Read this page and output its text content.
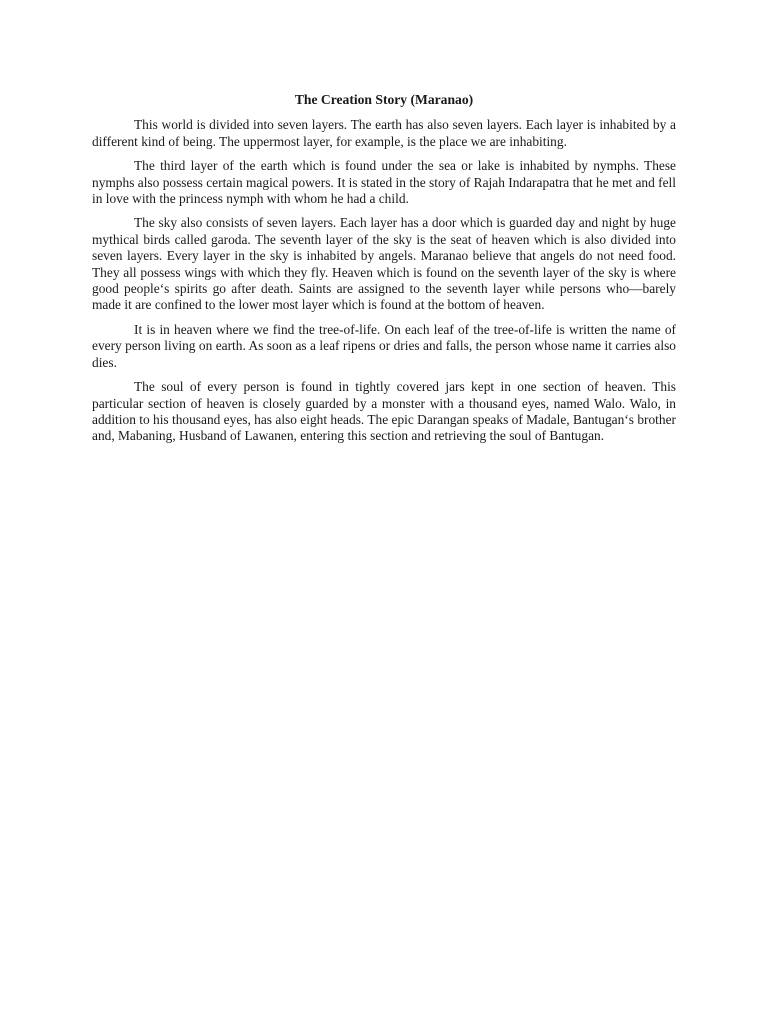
The Creation Story (Maranao)

This world is divided into seven layers. The earth has also seven layers. Each layer is inhabited by a different kind of being. The uppermost layer, for example, is the place we are inhabiting.

The third layer of the earth which is found under the sea or lake is inhabited by nymphs. These nymphs also possess certain magical powers. It is stated in the story of Rajah Indarapatra that he met and fell in love with the princess nymph with whom he had a child.

The sky also consists of seven layers. Each layer has a door which is guarded day and night by huge mythical birds called garoda. The seventh layer of the sky is the seat of heaven which is also divided into seven layers. Every layer in the sky is inhabited by angels. Maranao believe that angels do not need food. They all possess wings with which they fly. Heaven which is found on the seventh layer of the sky is where good people‘s spirits go after death. Saints are assigned to the seventh layer while persons who—barely made it are confined to the lower most layer which is found at the bottom of heaven.

It is in heaven where we find the tree-of-life. On each leaf of the tree-of-life is written the name of every person living on earth. As soon as a leaf ripens or dries and falls, the person whose name it carries also dies.

The soul of every person is found in tightly covered jars kept in one section of heaven. This particular section of heaven is closely guarded by a monster with a thousand eyes, named Walo. Walo, in addition to his thousand eyes, has also eight heads. The epic Darangan speaks of Madale, Bantugan‘s brother and, Mabaning, Husband of Lawanen, entering this section and retrieving the soul of Bantugan.
